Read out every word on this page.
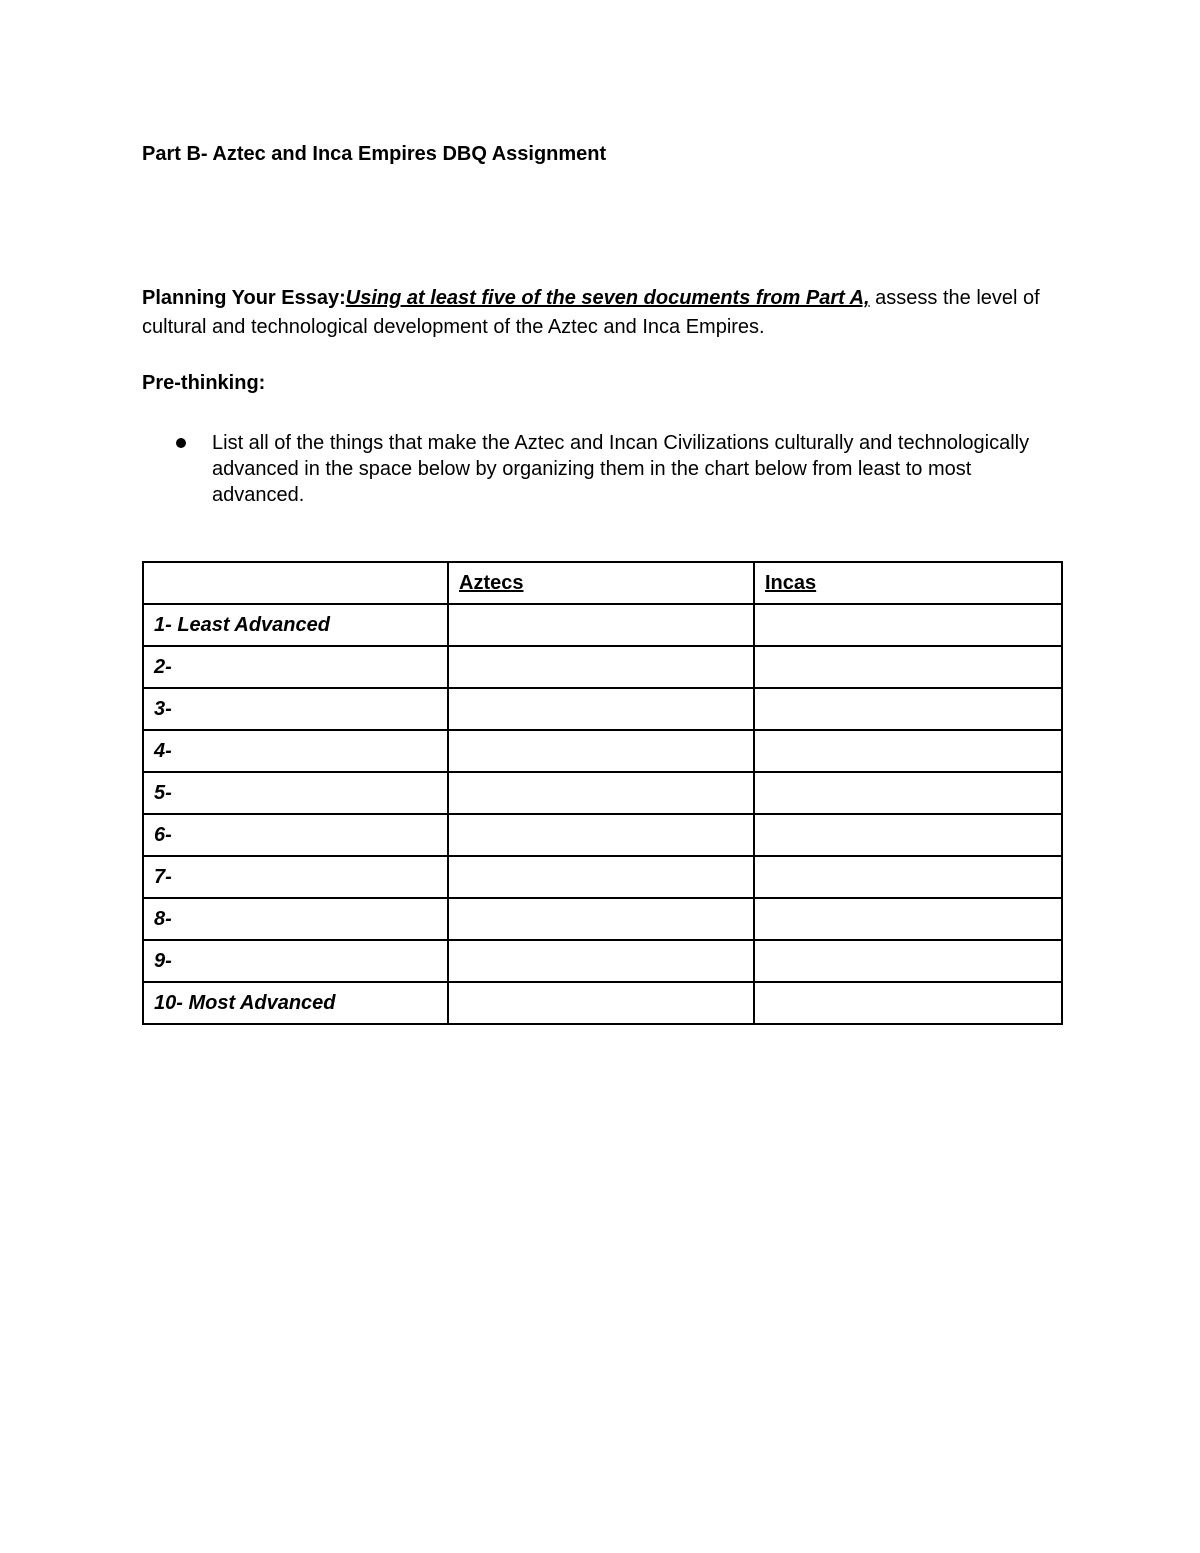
Part B- Aztec and Inca Empires DBQ Assignment
Planning Your Essay:Using at least five of the seven documents from Part A, assess the level of cultural and technological development of the Aztec and Inca Empires.
Pre-thinking:
List all of the things that make the Aztec and Incan Civilizations culturally and technologically advanced in the space below by organizing them in the chart below from least to most advanced.
	Aztecs	Incas
1- Least Advanced		
2-		
3-		
4-		
5-		
6-		
7-		
8-		
9-		
10- Most Advanced		
